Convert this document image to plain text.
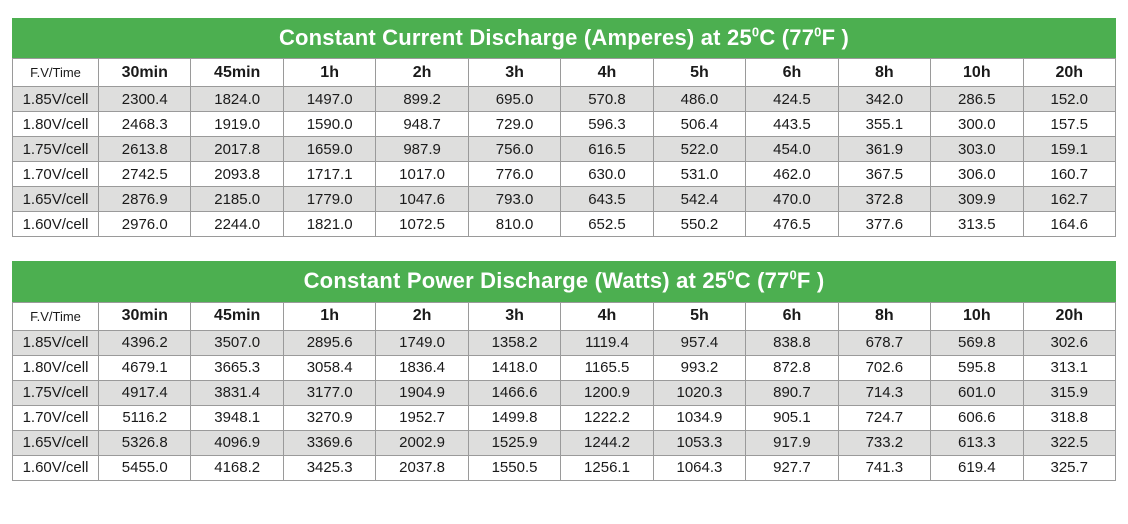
Constant Current Discharge (Amperes) at $25^0C$ ($77^0F$ )
F.V/Time	30min	45min	1h	2h	3h	4h	5h	6h	8h	10h	20h
1.85V/cell	2300.4	1824.0	1497.0	899.2	695.0	570.8	486.0	424.5	342.0	286.5	152.0
1.80V/cell	2468.3	1919.0	1590.0	948.7	729.0	596.3	506.4	443.5	355.1	300.0	157.5
1.75V/cell	2613.8	2017.8	1659.0	987.9	756.0	616.5	522.0	454.0	361.9	303.0	159.1
1.70V/cell	2742.5	2093.8	1717.1	1017.0	776.0	630.0	531.0	462.0	367.5	306.0	160.7
1.65V/cell	2876.9	2185.0	1779.0	1047.6	793.0	643.5	542.4	470.0	372.8	309.9	162.7
1.60V/cell	2976.0	2244.0	1821.0	1072.5	810.0	652.5	550.2	476.5	377.6	313.5	164.6
Constant Power Discharge (Watts) at $25^0C$ ($77^0F$ )
F.V/Time	30min	45min	1h	2h	3h	4h	5h	6h	8h	10h	20h
1.85V/cell	4396.2	3507.0	2895.6	1749.0	1358.2	1119.4	957.4	838.8	678.7	569.8	302.6
1.80V/cell	4679.1	3665.3	3058.4	1836.4	1418.0	1165.5	993.2	872.8	702.6	595.8	313.1
1.75V/cell	4917.4	3831.4	3177.0	1904.9	1466.6	1200.9	1020.3	890.7	714.3	601.0	315.9
1.70V/cell	5116.2	3948.1	3270.9	1952.7	1499.8	1222.2	1034.9	905.1	724.7	606.6	318.8
1.65V/cell	5326.8	4096.9	3369.6	2002.9	1525.9	1244.2	1053.3	917.9	733.2	613.3	322.5
1.60V/cell	5455.0	4168.2	3425.3	2037.8	1550.5	1256.1	1064.3	927.7	741.3	619.4	325.7
